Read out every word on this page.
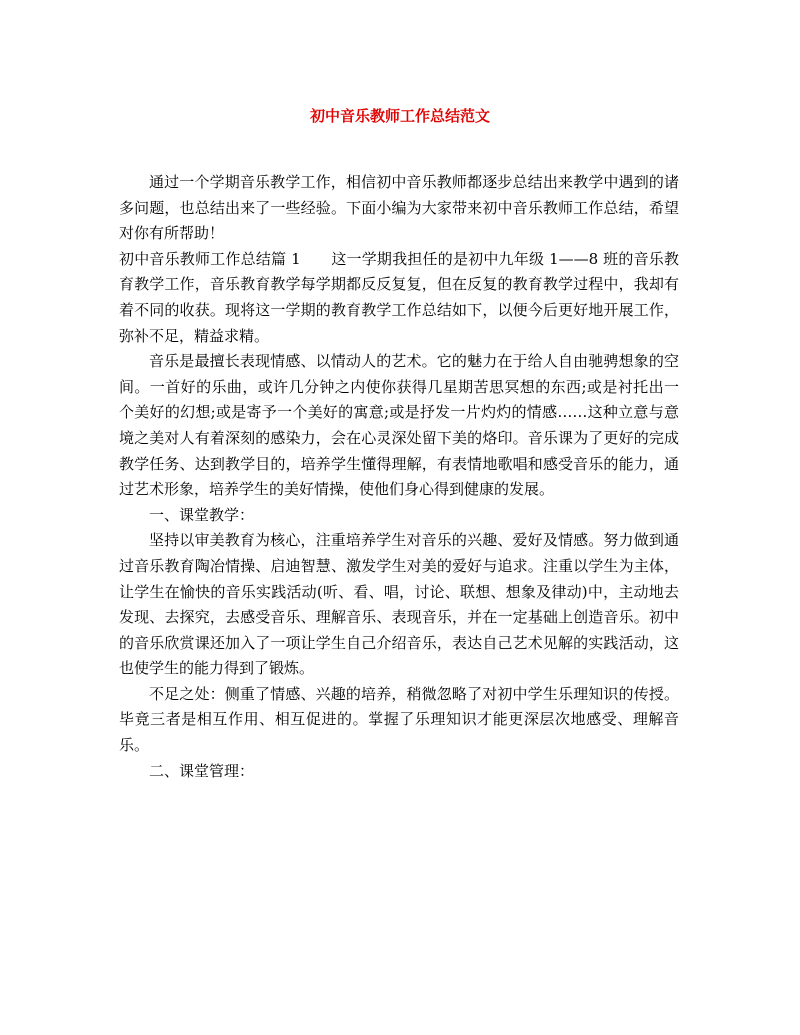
初中音乐教师工作总结范文

通过一个学期音乐教学工作，相信初中音乐教师都逐步总结出来教学中遇到的诸多问题，也总结出来了一些经验。下面小编为大家带来初中音乐教师工作总结，希望对你有所帮助！

初中音乐教师工作总结篇 1　　这一学期我担任的是初中九年级 1——8 班的音乐教育教学工作，音乐教育教学每学期都反反复复，但在反复的教育教学过程中，我却有着不同的收获。现将这一学期的教育教学工作总结如下，以便今后更好地开展工作，弥补不足，精益求精。

音乐是最擅长表现情感、以情动人的艺术。它的魅力在于给人自由驰骋想象的空间。一首好的乐曲，或许几分钟之内使你获得几星期苦思冥想的东西;或是衬托出一个美好的幻想;或是寄予一个美好的寓意;或是抒发一片灼灼的情感……这种立意与意境之美对人有着深刻的感染力，会在心灵深处留下美的烙印。音乐课为了更好的完成教学任务、达到教学目的，培养学生懂得理解，有表情地歌唱和感受音乐的能力，通过艺术形象，培养学生的美好情操，使他们身心得到健康的发展。

一、课堂教学：

坚持以审美教育为核心，注重培养学生对音乐的兴趣、爱好及情感。努力做到通过音乐教育陶冶情操、启迪智慧、激发学生对美的爱好与追求。注重以学生为主体，让学生在愉快的音乐实践活动(听、看、唱，讨论、联想、想象及律动)中，主动地去发现、去探究，去感受音乐、理解音乐、表现音乐，并在一定基础上创造音乐。初中的音乐欣赏课还加入了一项让学生自己介绍音乐，表达自己艺术见解的实践活动，这也使学生的能力得到了锻炼。

不足之处：侧重了情感、兴趣的培养，稍微忽略了对初中学生乐理知识的传授。毕竟三者是相互作用、相互促进的。掌握了乐理知识才能更深层次地感受、理解音乐。

二、课堂管理：
